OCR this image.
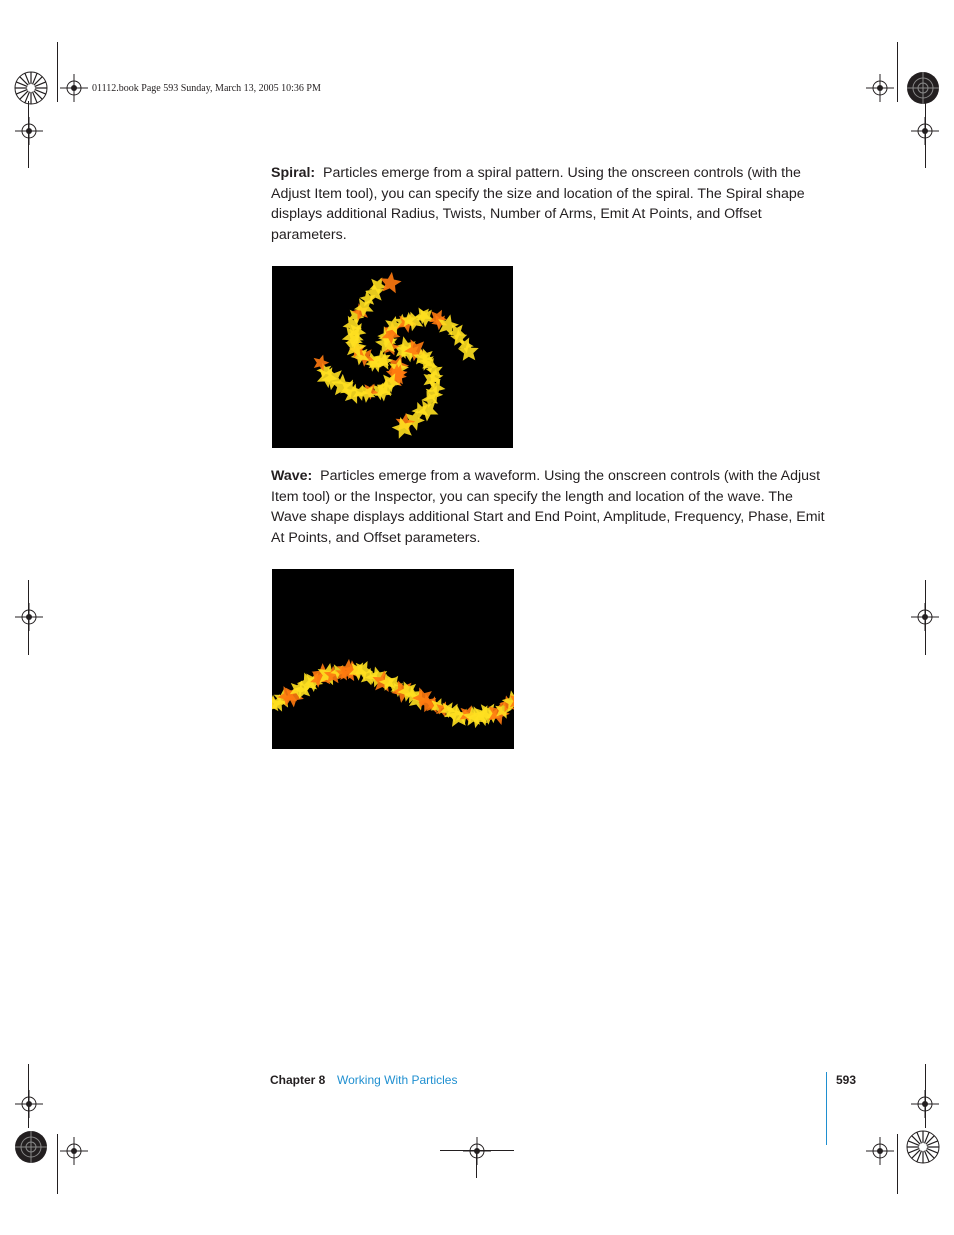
01112.book Page 593 Sunday, March 13, 2005 10:36 PM

Spiral: Particles emerge from a spiral pattern. Using the onscreen controls (with the Adjust Item tool), you can specify the size and location of the spiral. The Spiral shape displays additional Radius, Twists, Number of Arms, Emit At Points, and Offset parameters.

Wave: Particles emerge from a waveform. Using the onscreen controls (with the Adjust Item tool) or the Inspector, you can specify the length and location of the wave. The Wave shape displays additional Start and End Point, Amplitude, Frequency, Phase, Emit At Points, and Offset parameters.

Chapter 8 Working With Particles	593
